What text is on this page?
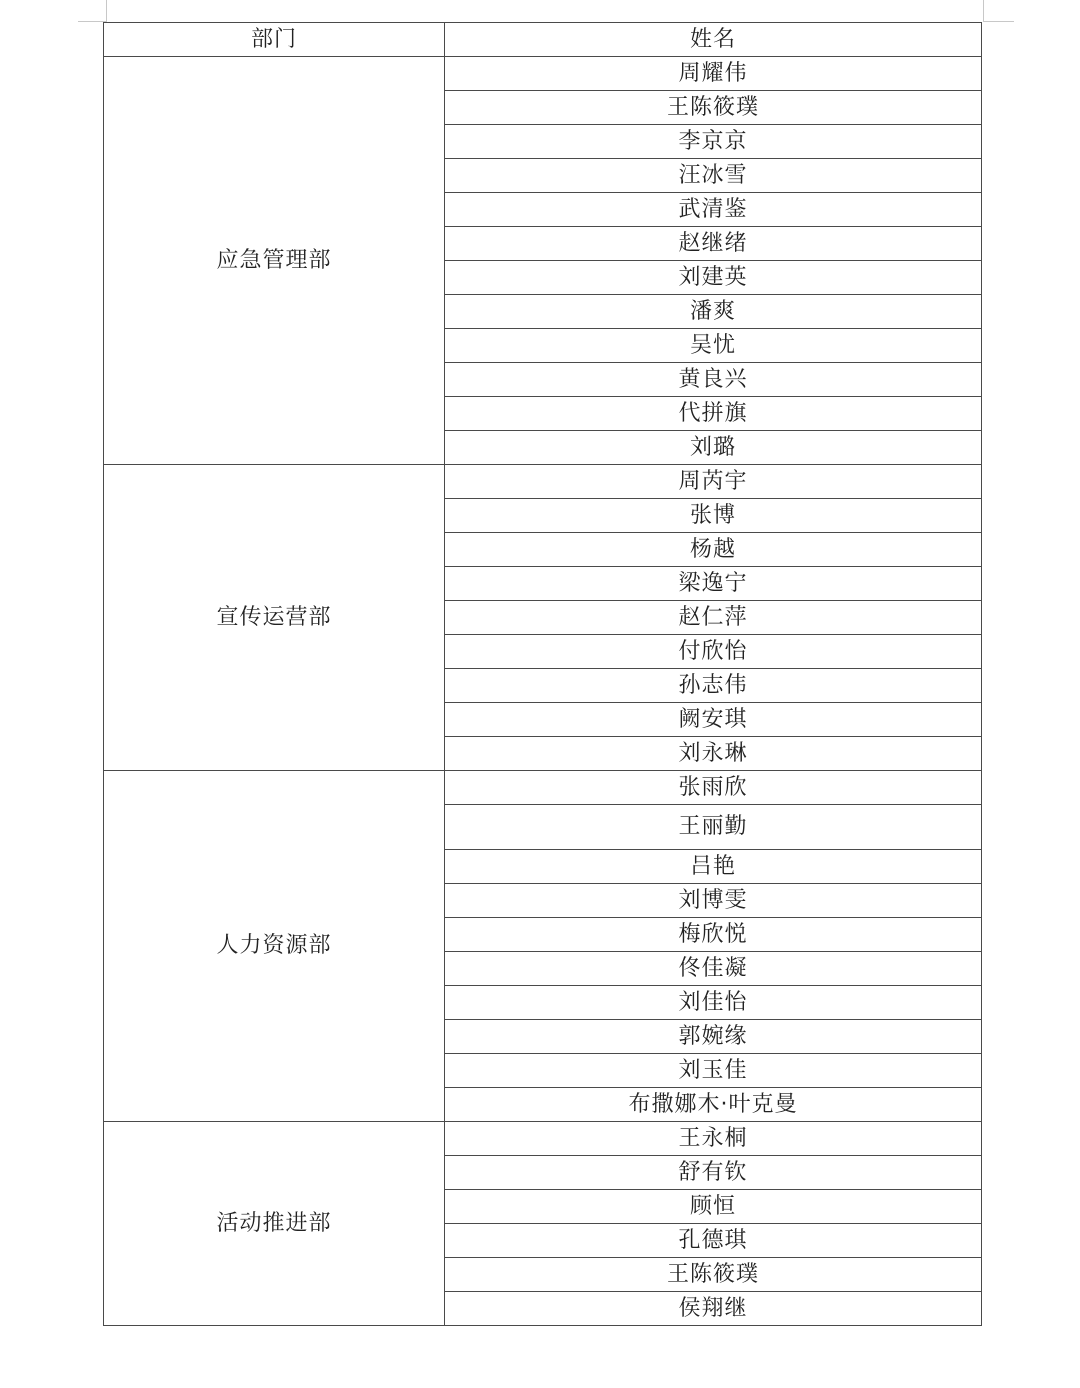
部门	姓名
应急管理部	周耀伟
	王陈筱璞
	李京京
	汪冰雪
	武清鉴
	赵继绪
	刘建英
	潘爽
	吴忧
	黄良兴
	代拼旗
	刘璐
宣传运营部	周芮宇
	张博
	杨越
	梁逸宁
	赵仁萍
	付欣怡
	孙志伟
	阙安琪
	刘永琳
人力资源部	张雨欣
	王丽勤
	吕艳
	刘博雯
	梅欣悦
	佟佳凝
	刘佳怡
	郭婉缘
	刘玉佳
	布撒娜木·叶克曼
活动推进部	王永桐
	舒有钦
	顾恒
	孔德琪
	王陈筱璞
	侯翔继
